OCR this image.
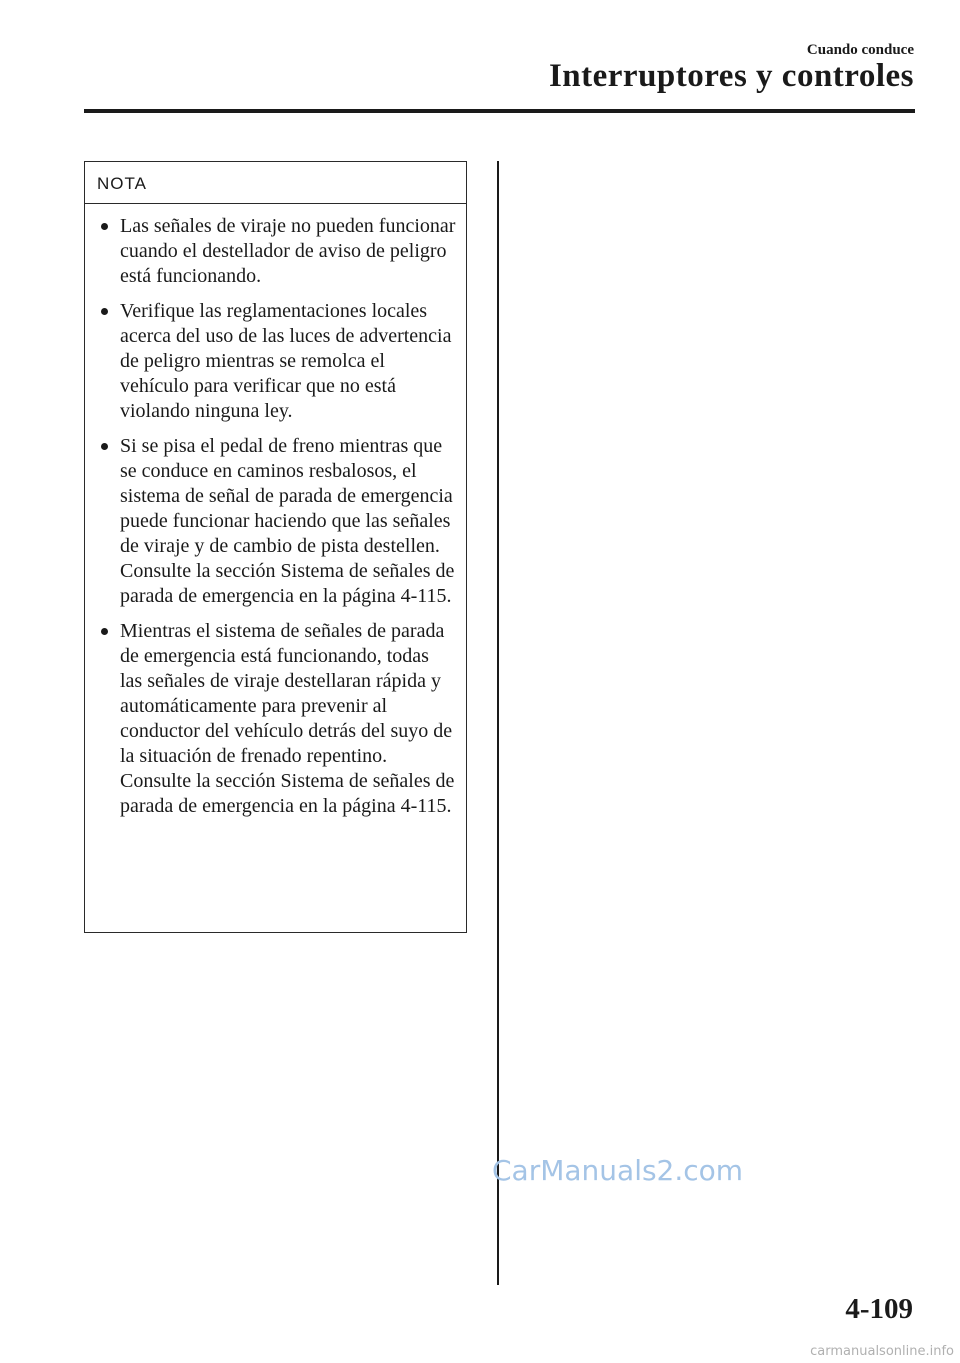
Cuando conduce
Interruptores y controles
NOTA
Las señales de viraje no pueden funcionar cuando el destellador de aviso de peligro está funcionando.
Verifique las reglamentaciones locales acerca del uso de las luces de advertencia de peligro mientras se remolca el vehículo para verificar que no está violando ninguna ley.
Si se pisa el pedal de freno mientras que se conduce en caminos resbalosos, el sistema de señal de parada de emergencia puede funcionar haciendo que las señales de viraje y de cambio de pista destellen. Consulte la sección Sistema de señales de parada de emergencia en la página 4-115.
Mientras el sistema de señales de parada de emergencia está funcionando, todas las señales de viraje destellaran rápida y automáticamente para prevenir al conductor del vehículo detrás del suyo de la situación de frenado repentino. Consulte la sección Sistema de señales de parada de emergencia en la página 4-115.
CarManuals2.com
4-109
carmanualsonline.info
